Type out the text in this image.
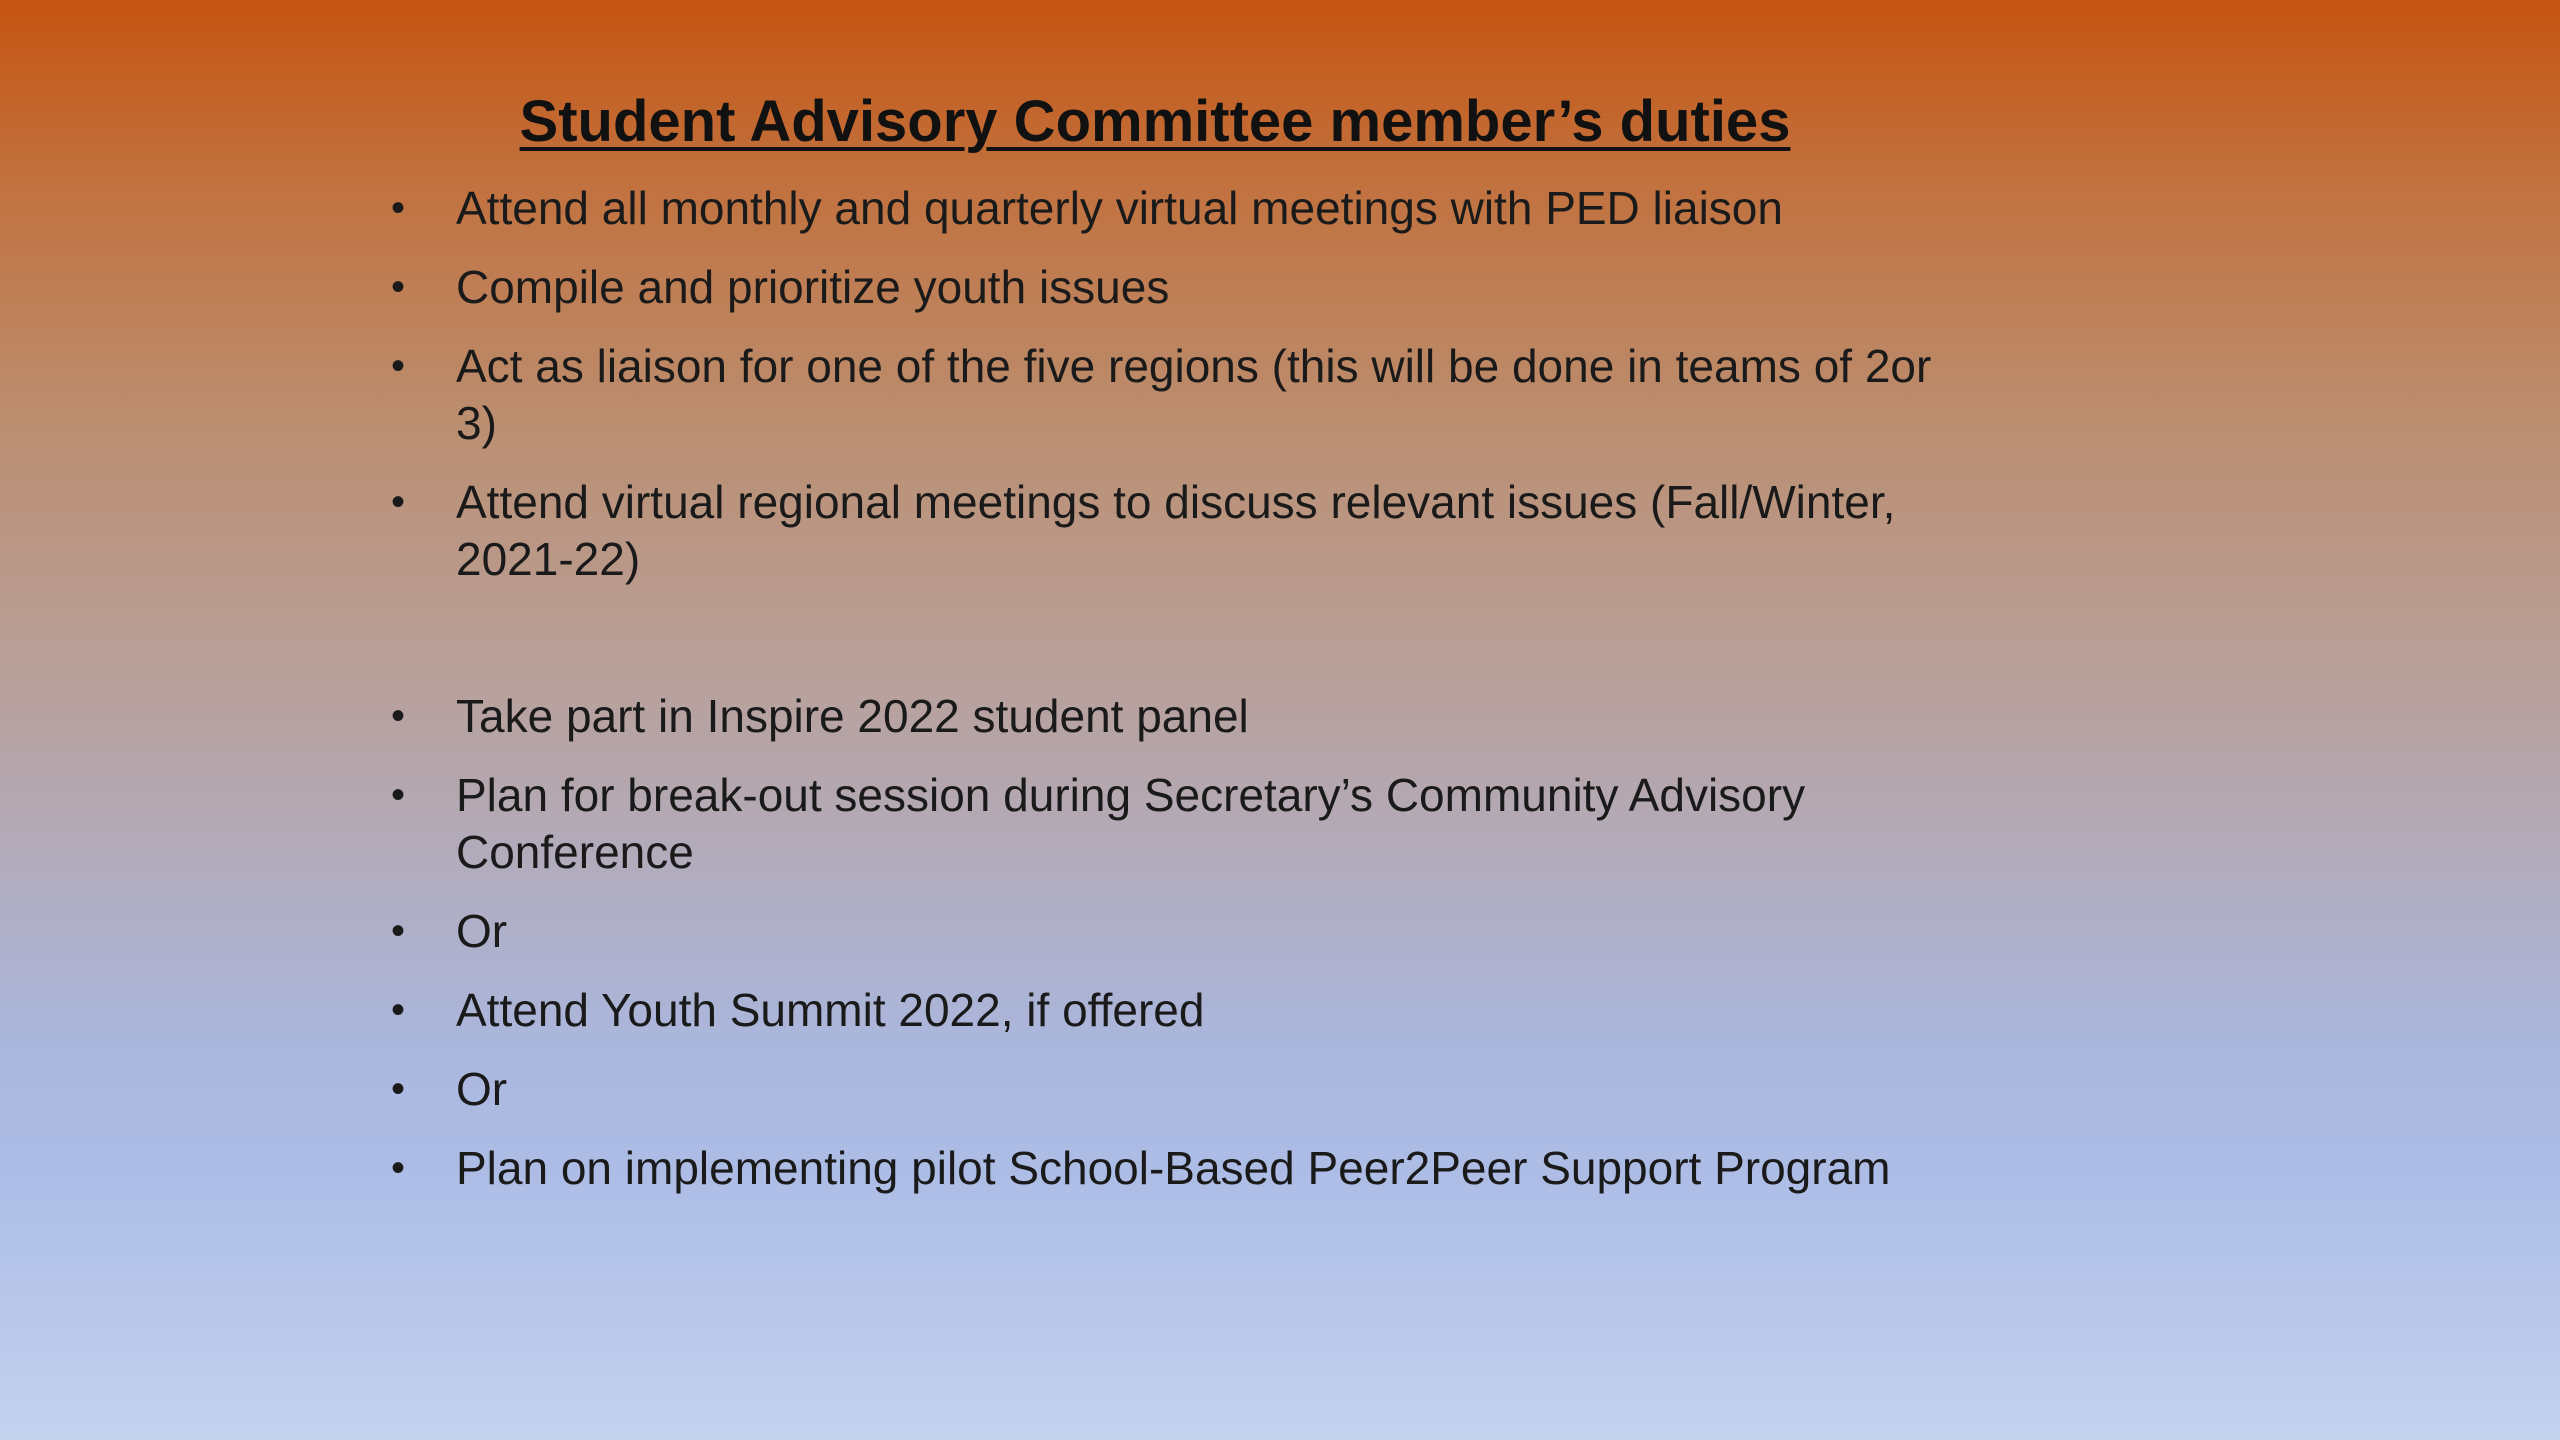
Student Advisory Committee member’s duties
• Attend all monthly and quarterly virtual meetings with PED liaison
• Compile and prioritize youth issues
• Act as liaison for one of the five regions (this will be done in teams of 2or 3)
• Attend virtual regional meetings to discuss relevant issues (Fall/Winter, 2021-22)
• Take part in Inspire 2022 student panel
• Plan for break-out session during Secretary’s Community Advisory Conference
• Or
• Attend Youth Summit 2022, if offered
• Or
• Plan on implementing pilot School-Based Peer2Peer Support Program
